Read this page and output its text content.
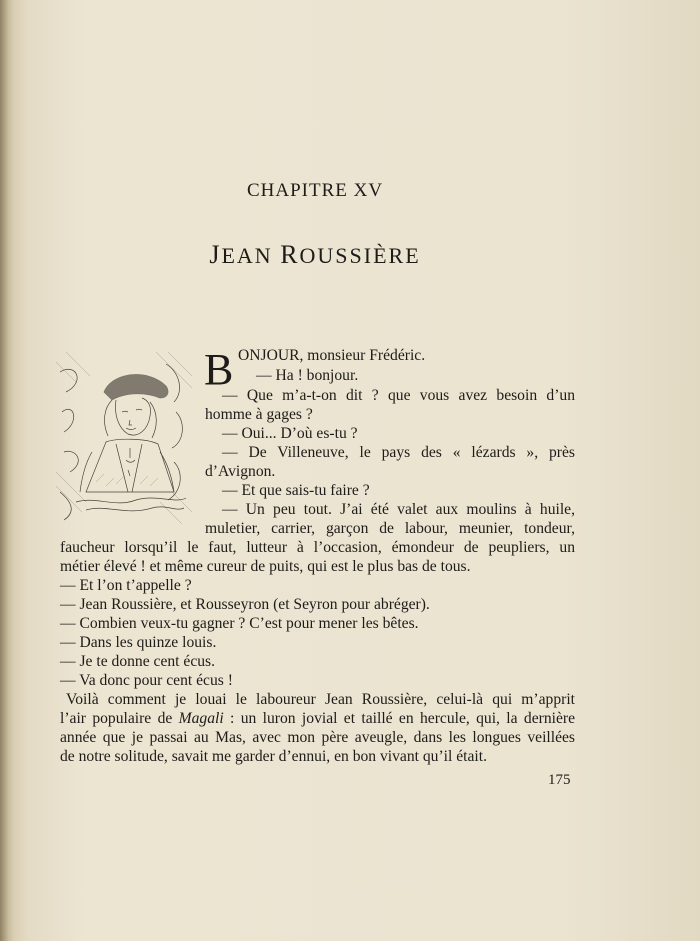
CHAPITRE XV
JEAN ROUSSIÈRE
B ONJOUR, monsieur Frédéric.

— Ha ! bonjour.

— Que m’a-t-on dit ? que vous avez besoin d’un

homme à gages ?

— Oui... D’où es-tu ?

— De Villeneuve, le pays des « lézards », près

d’Avignon.

— Et que sais-tu faire ?

— Un peu tout. J’ai été valet aux moulins à huile,

muletier, carrier, garçon de labour, meunier, tondeur,

faucheur lorsqu’il le faut, lutteur à l’occasion, émondeur de peupliers, un

métier élevé ! et même cureur de puits, qui est le plus bas de tous.

— Et l’on t’appelle ?

— Jean Roussière, et Rousseyron (et Seyron pour abréger).

— Combien veux-tu gagner ? C’est pour mener les bêtes.

— Dans les quinze louis.

— Je te donne cent écus.

— Va donc pour cent écus !

Voilà comment je louai le laboureur Jean Roussière, celui-là qui m’apprit

l’air populaire de Magali : un luron jovial et taillé en hercule, qui, la dernière

année que je passai au Mas, avec mon père aveugle, dans les longues veillées

de notre solitude, savait me garder d’ennui, en bon vivant qu’il était.

175
